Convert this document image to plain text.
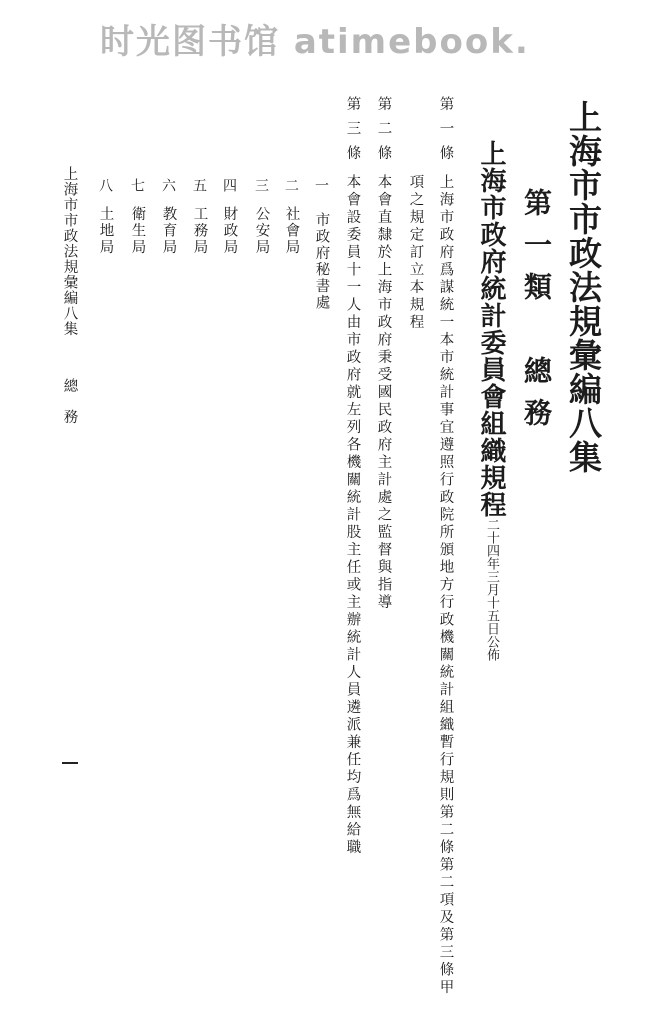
时光图书馆 atimebook.
上海市市政法規彙編八集
第一類　總務
上海市政府統計委員會組織規程二十四年三月十五日公佈
第一條
上海市政府爲謀統一本市統計事宜遵照行政院所頒地方行政機關統計組織暫行規則第二條第二項及第三條甲
項之規定訂立本規程
第二條
本會直隸於上海市政府秉受國民政府主計處之監督與指導
第三條
本會設委員十一人由市政府就左列各機關統計股主任或主辦統計人員遴派兼任均爲無給職
一
市政府秘書處
二
社會局
三
公安局
四
財政局
五
工務局
六
教育局
七
衛生局
八
土地局
上海市市政法規彙編八集
總　務
